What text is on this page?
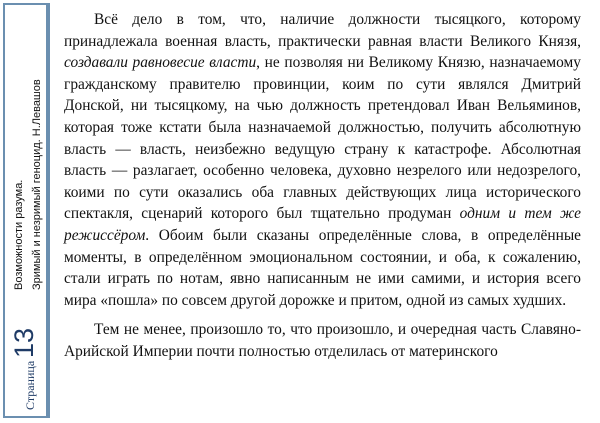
Страница
13
Возможности разума. Зримый и незримый геноцид. Н.Левашов

Всё дело в том, что, наличие должности тысяцкого, которому принадлежала военная власть, практически равная власти Великого Князя, создавали равновесие власти, не позволяя ни Великому Князю, назначаемому гражданскому правителю провинции, коим по сути являлся Дмитрий Донской, ни тысяцкому, на чью должность претендовал Иван Вельяминов, которая тоже кстати была назначаемой должностью, получить абсолютную власть — власть, неизбежно ведущую страну к катастрофе. Абсолютная власть — разлагает, особенно человека, духовно незрелого или недозрелого, коими по сути оказались оба главных действующих лица исторического спектакля, сценарий которого был тщательно продуман одним и тем же режиссёром. Обоим были сказаны определённые слова, в определённые моменты, в определённом эмоциональном состоянии, и оба, к сожалению, стали играть по нотам, явно написанным не ими самими, и история всего мира «пошла» по совсем другой дорожке и притом, одной из самых худших.

Тем не менее, произошло то, что произошло, и очередная часть Славяно-Арийской Империи почти полностью отделилась от материнского
